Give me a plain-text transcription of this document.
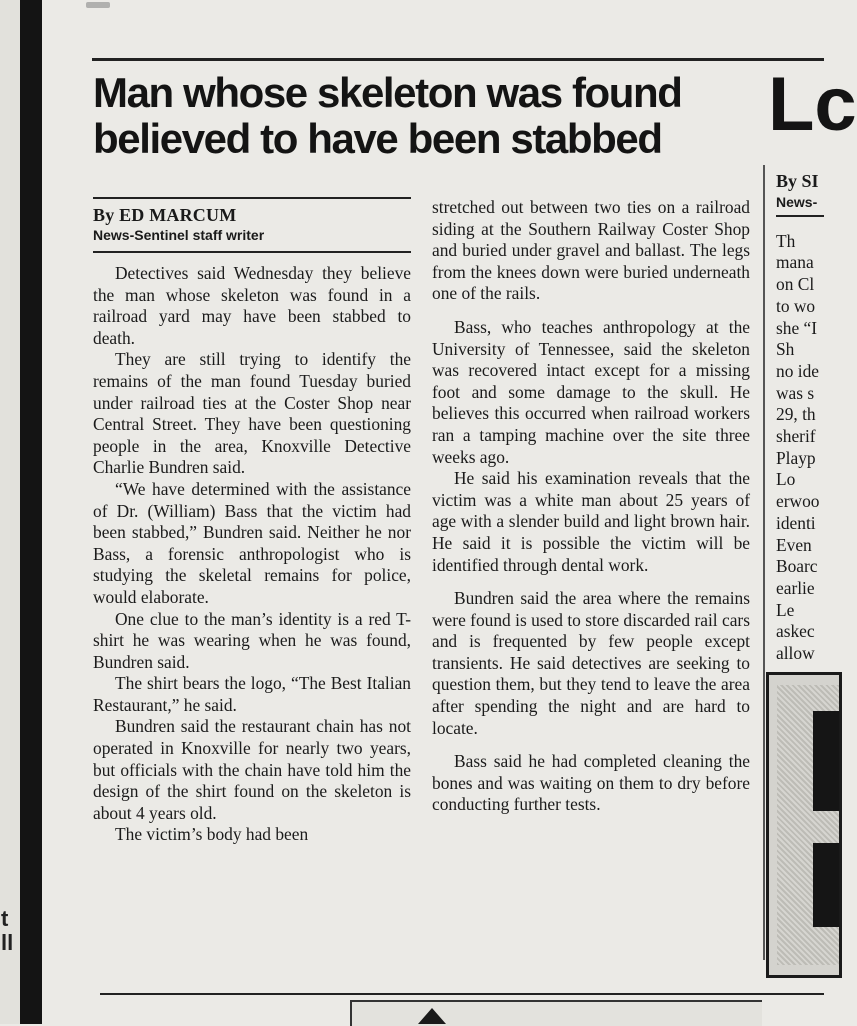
t
ll
Man whose skeleton was found
believed to have been stabbed	Lc
By ED MARCUM
News-Sentinel staff writer

Detectives said Wednesday they believe the man whose skeleton was found in a railroad yard may have been stabbed to death.

They are still trying to identify the remains of the man found Tuesday buried under railroad ties at the Coster Shop near Central Street. They have been questioning people in the area, Knoxville Detective Charlie Bundren said.

“We have determined with the assistance of Dr. (William) Bass that the victim had been stabbed,” Bundren said. Neither he nor Bass, a forensic anthropologist who is studying the skeletal remains for police, would elaborate.

One clue to the man’s identity is a red T-shirt he was wearing when he was found, Bundren said.

The shirt bears the logo, “The Best Italian Restaurant,” he said.

Bundren said the restaurant chain has not operated in Knoxville for nearly two years, but officials with the chain have told him the design of the shirt found on the skeleton is about 4 years old.

The victim’s body had been

stretched out between two ties on a railroad siding at the Southern Railway Coster Shop and buried under gravel and ballast. The legs from the knees down were buried underneath one of the rails.

Bass, who teaches anthropology at the University of Tennessee, said the skeleton was recovered intact except for a missing foot and some damage to the skull. He believes this occurred when railroad workers ran a tamping machine over the site three weeks ago.

He said his examination reveals that the victim was a white man about 25 years of age with a slender build and light brown hair. He said it is possible the victim will be identified through dental work.

Bundren said the area where the remains were found is used to store discarded rail cars and is frequented by few people except transients. He said detectives are seeking to question them, but they tend to leave the area after spending the night and are hard to locate.

Bass said he had completed cleaning the bones and was waiting on them to dry before conducting further tests.

By SI
News-
Th
mana
on Cl
to wo
she “I
Sh
no ide
was s
29, th
sherif
Playp
Lo
erwoo
identi
Even
Boarc
earlie
Le
askec
allow
